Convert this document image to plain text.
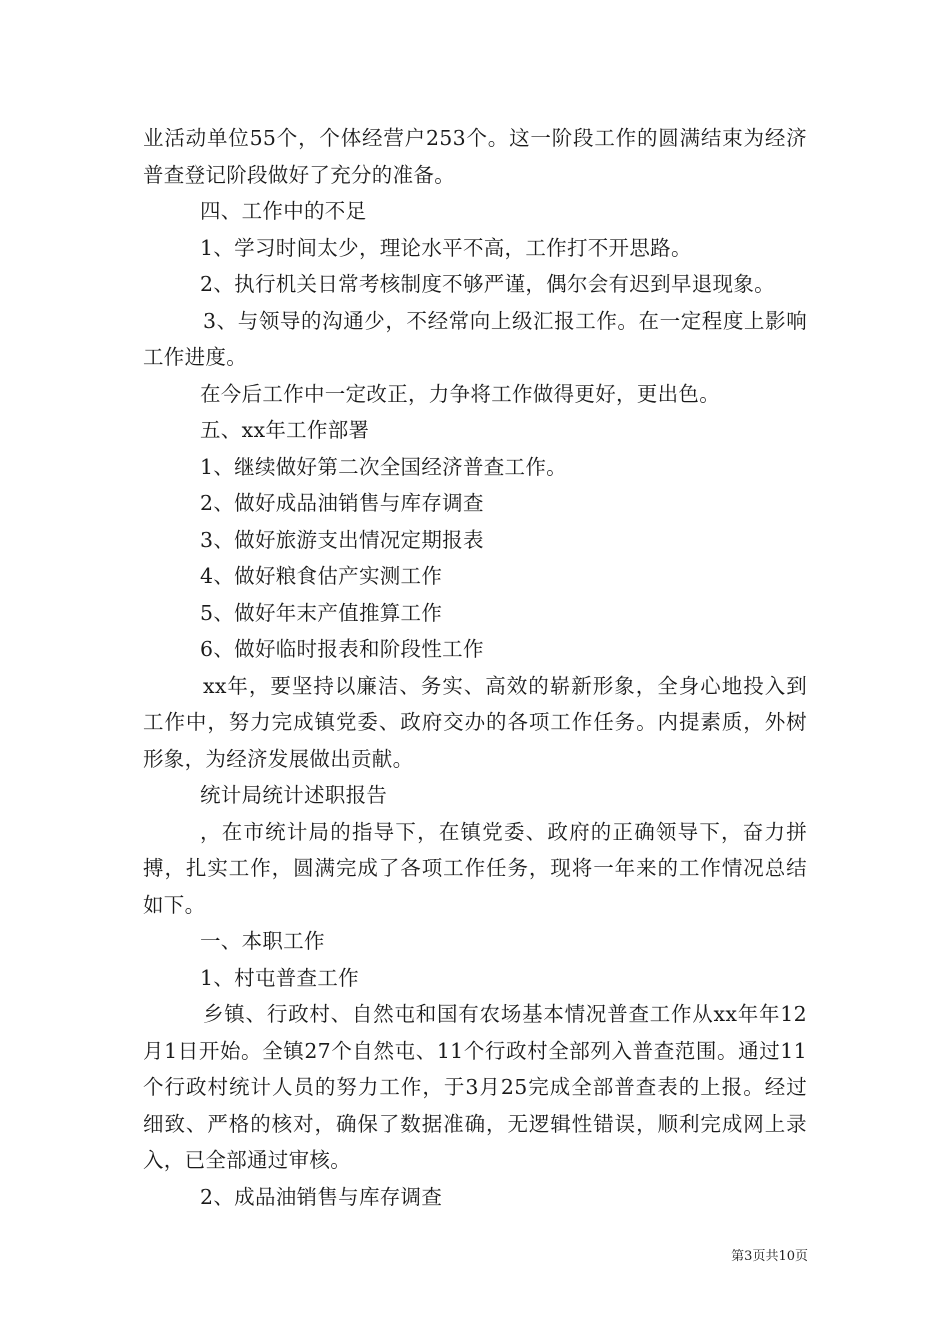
业活动单位55个，个体经营户253个。这一阶段工作的圆满结束为经济普查登记阶段做好了充分的准备。

四、工作中的不足

1、学习时间太少，理论水平不高，工作打不开思路。

2、执行机关日常考核制度不够严谨，偶尔会有迟到早退现象。

3、与领导的沟通少，不经常向上级汇报工作。在一定程度上影响工作进度。

在今后工作中一定改正，力争将工作做得更好，更出色。

五、xx年工作部署

1、继续做好第二次全国经济普查工作。

2、做好成品油销售与库存调查

3、做好旅游支出情况定期报表

4、做好粮食估产实测工作

5、做好年末产值推算工作

6、做好临时报表和阶段性工作

xx年，要坚持以廉洁、务实、高效的崭新形象，全身心地投入到工作中，努力完成镇党委、政府交办的各项工作任务。内提素质，外树形象，为经济发展做出贡献。

统计局统计述职报告

，在市统计局的指导下，在镇党委、政府的正确领导下，奋力拼搏，扎实工作，圆满完成了各项工作任务，现将一年来的工作情况总结如下。

一、本职工作

1、村屯普查工作

乡镇、行政村、自然屯和国有农场基本情况普查工作从xx年年12月1日开始。全镇27个自然屯、11个行政村全部列入普查范围。通过11个行政村统计人员的努力工作，于3月25完成全部普查表的上报。经过细致、严格的核对，确保了数据准确，无逻辑性错误，顺利完成网上录入，已全部通过审核。

2、成品油销售与库存调查

第3页共10页
